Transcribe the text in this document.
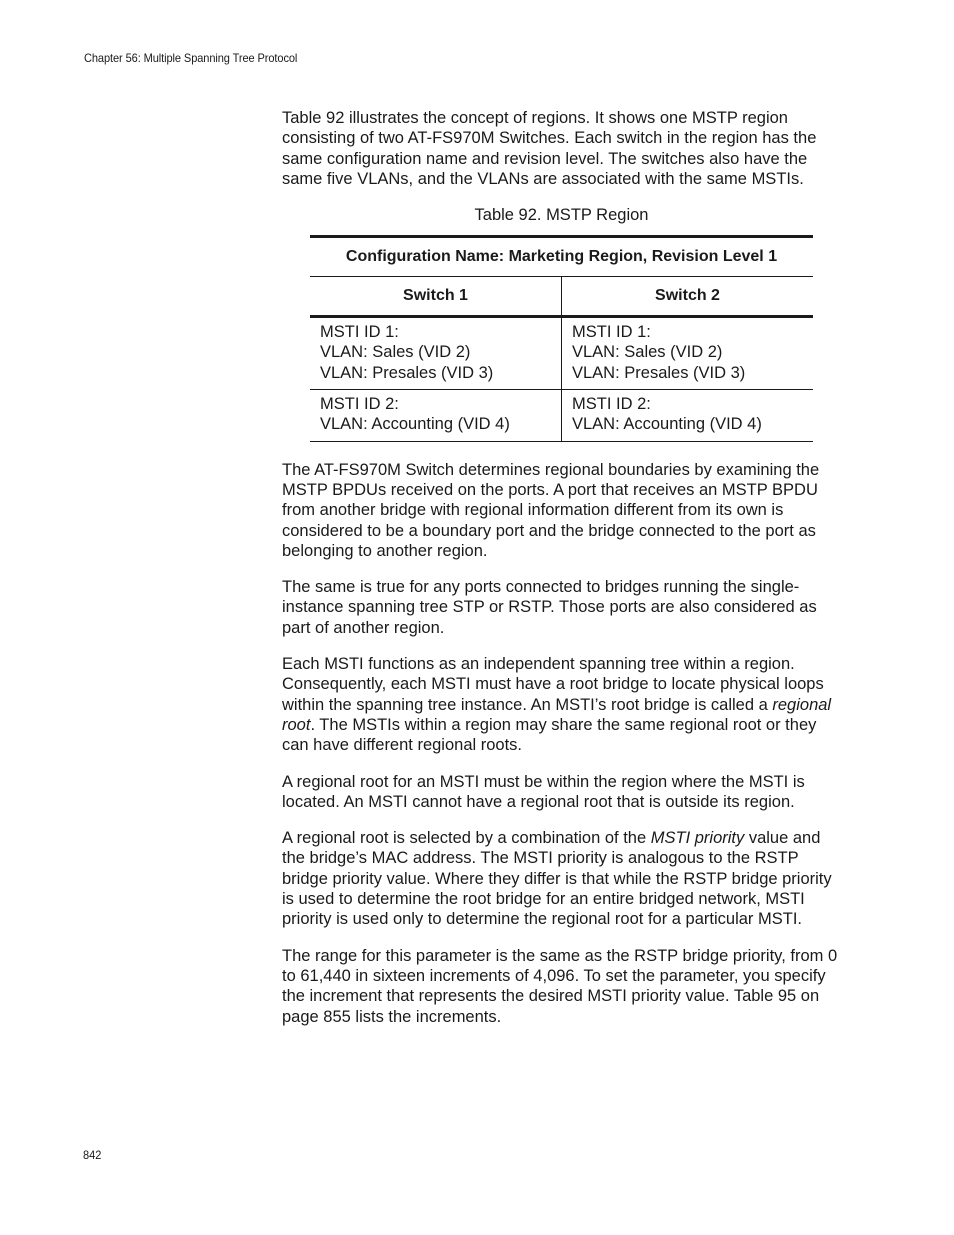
Chapter 56: Multiple Spanning Tree Protocol

Table 92 illustrates the concept of regions. It shows one MSTP region consisting of two AT-FS970M Switches. Each switch in the region has the same configuration name and revision level. The switches also have the same five VLANs, and the VLANs are associated with the same MSTIs.

Table 92. MSTP Region
Configuration Name: Marketing Region, Revision Level 1	
Switch 1	Switch 2

MSTI ID 1:
VLAN: Sales (VID 2)
VLAN: Presales (VID 3)	MSTI ID 1:
VLAN: Sales (VID 2)
VLAN: Presales (VID 3)

MSTI ID 2:
VLAN: Accounting (VID 4)	MSTI ID 2:
VLAN: Accounting (VID 4)

The AT-FS970M Switch determines regional boundaries by examining the MSTP BPDUs received on the ports. A port that receives an MSTP BPDU from another bridge with regional information different from its own is considered to be a boundary port and the bridge connected to the port as belonging to another region.

The same is true for any ports connected to bridges running the single-instance spanning tree STP or RSTP. Those ports are also considered as part of another region.

Each MSTI functions as an independent spanning tree within a region. Consequently, each MSTI must have a root bridge to locate physical loops within the spanning tree instance. An MSTI’s root bridge is called a regional root. The MSTIs within a region may share the same regional root or they can have different regional roots.

A regional root for an MSTI must be within the region where the MSTI is located. An MSTI cannot have a regional root that is outside its region.

A regional root is selected by a combination of the MSTI priority value and the bridge’s MAC address. The MSTI priority is analogous to the RSTP bridge priority value. Where they differ is that while the RSTP bridge priority is used to determine the root bridge for an entire bridged network, MSTI priority is used only to determine the regional root for a particular MSTI.

The range for this parameter is the same as the RSTP bridge priority, from 0 to 61,440 in sixteen increments of 4,096. To set the parameter, you specify the increment that represents the desired MSTI priority value. Table 95 on page 855 lists the increments.

842
